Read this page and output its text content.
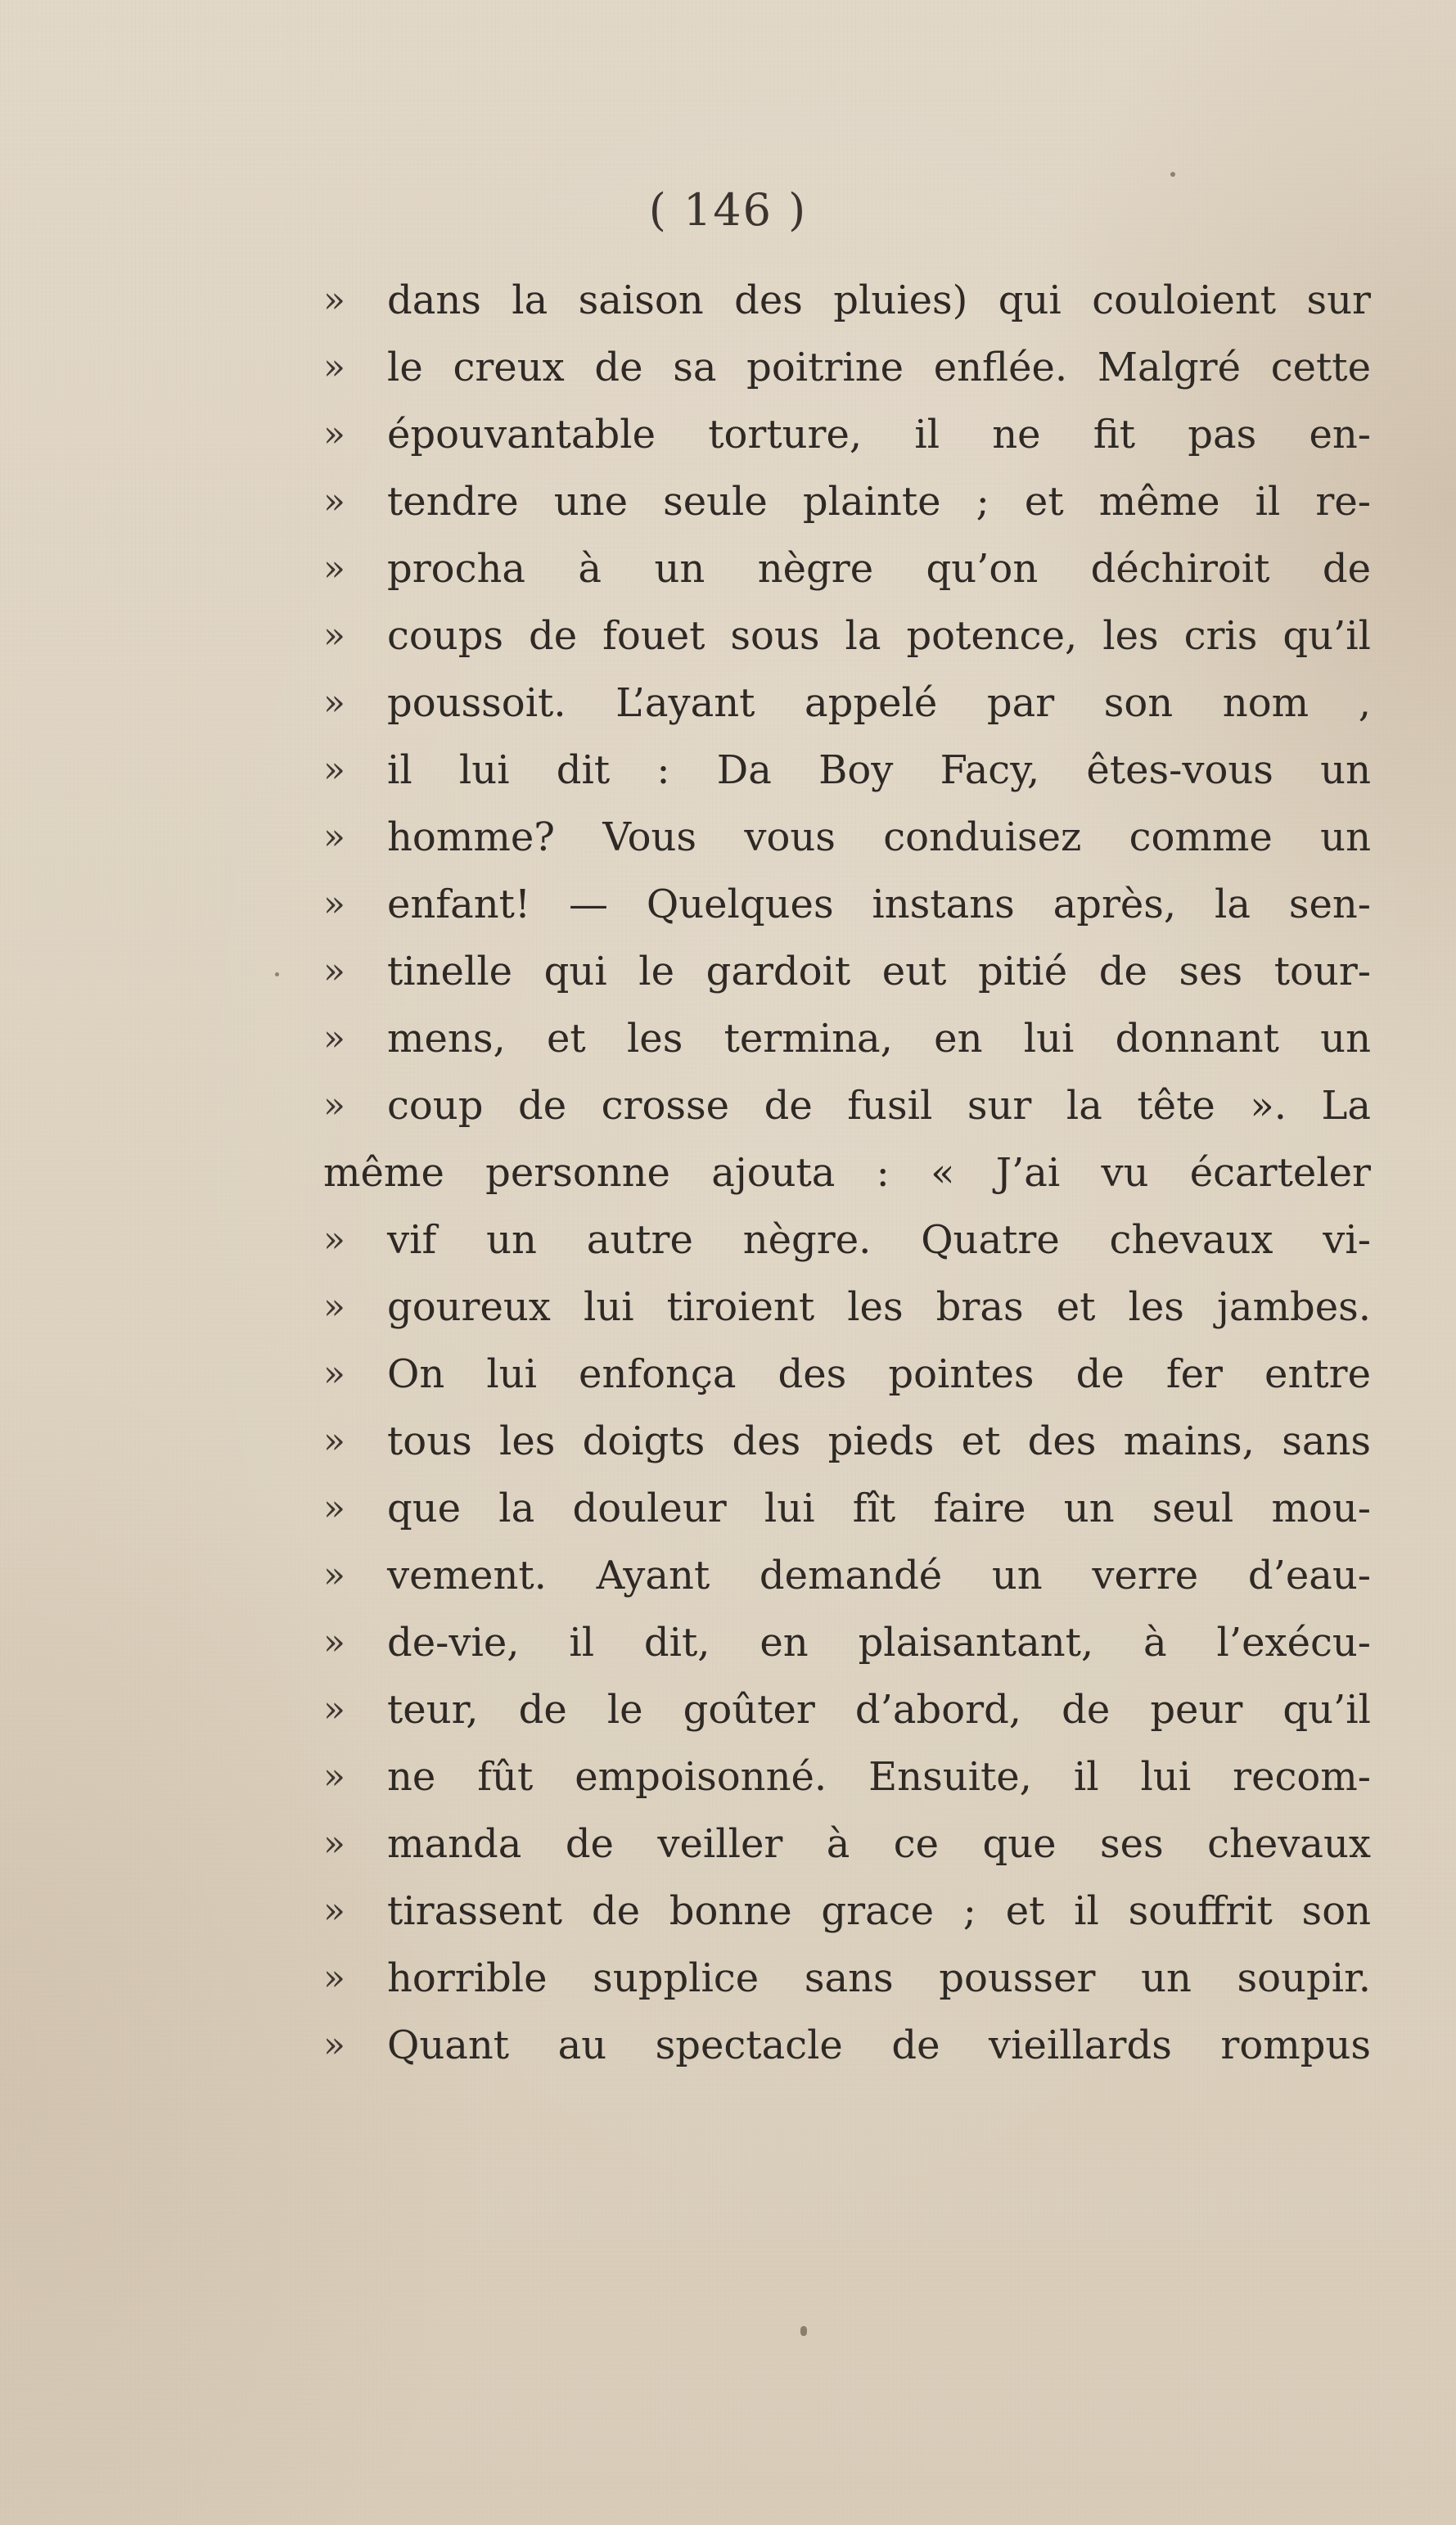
( 146 )
» dans la saison des pluies) qui couloient sur
» le creux de sa poitrine enflée. Malgré cette
» épouvantable torture, il ne fit pas en-
» tendre une seule plainte ; et même il re-
» procha à un nègre qu’on déchiroit de
» coups de fouet sous la potence, les cris qu’il
» poussoit. L’ayant appelé par son nom ,
» il lui dit : Da Boy Facy, êtes-vous un
» homme? Vous vous conduisez comme un
» enfant! — Quelques instans après, la sen-
» tinelle qui le gardoit eut pitié de ses tour-
» mens, et les termina, en lui donnant un
» coup de crosse de fusil sur la tête ». La
même personne ajouta : « J’ai vu écarteler
» vif un autre nègre. Quatre chevaux vi-
» goureux lui tiroient les bras et les jambes.
» On lui enfonça des pointes de fer entre
» tous les doigts des pieds et des mains, sans
» que la douleur lui fît faire un seul mou-
» vement. Ayant demandé un verre d’eau-
» de-vie, il dit, en plaisantant, à l’exécu-
» teur, de le goûter d’abord, de peur qu’il
» ne fût empoisonné. Ensuite, il lui recom-
» manda de veiller à ce que ses chevaux
» tirassent de bonne grace ; et il souffrit son
» horrible supplice sans pousser un soupir.
» Quant au spectacle de vieillards rompus
